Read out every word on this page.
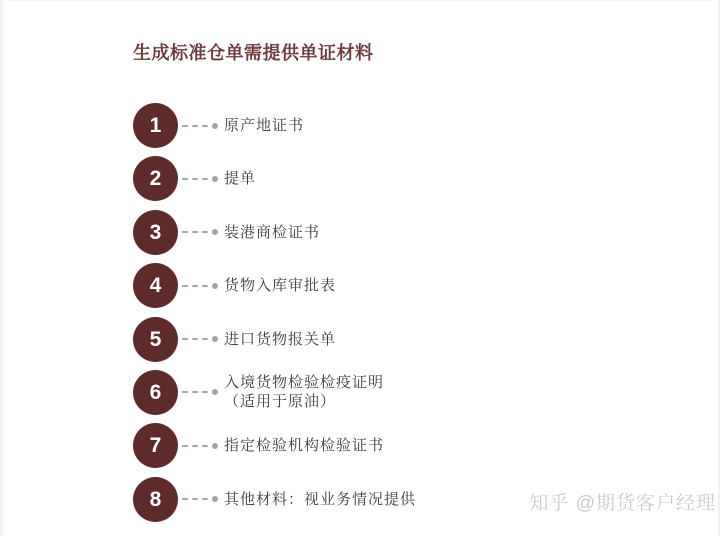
生成标准仓单需提供单证材料
1	原产地证书
2	提单
3	装港商检证书
4	货物入库审批表
5	进口货物报关单
6	入境货物检验检疫证明
（适用于原油）
7	指定检验机构检验证书
8	其他材料：视业务情况提供	知乎 @期货客户经理
